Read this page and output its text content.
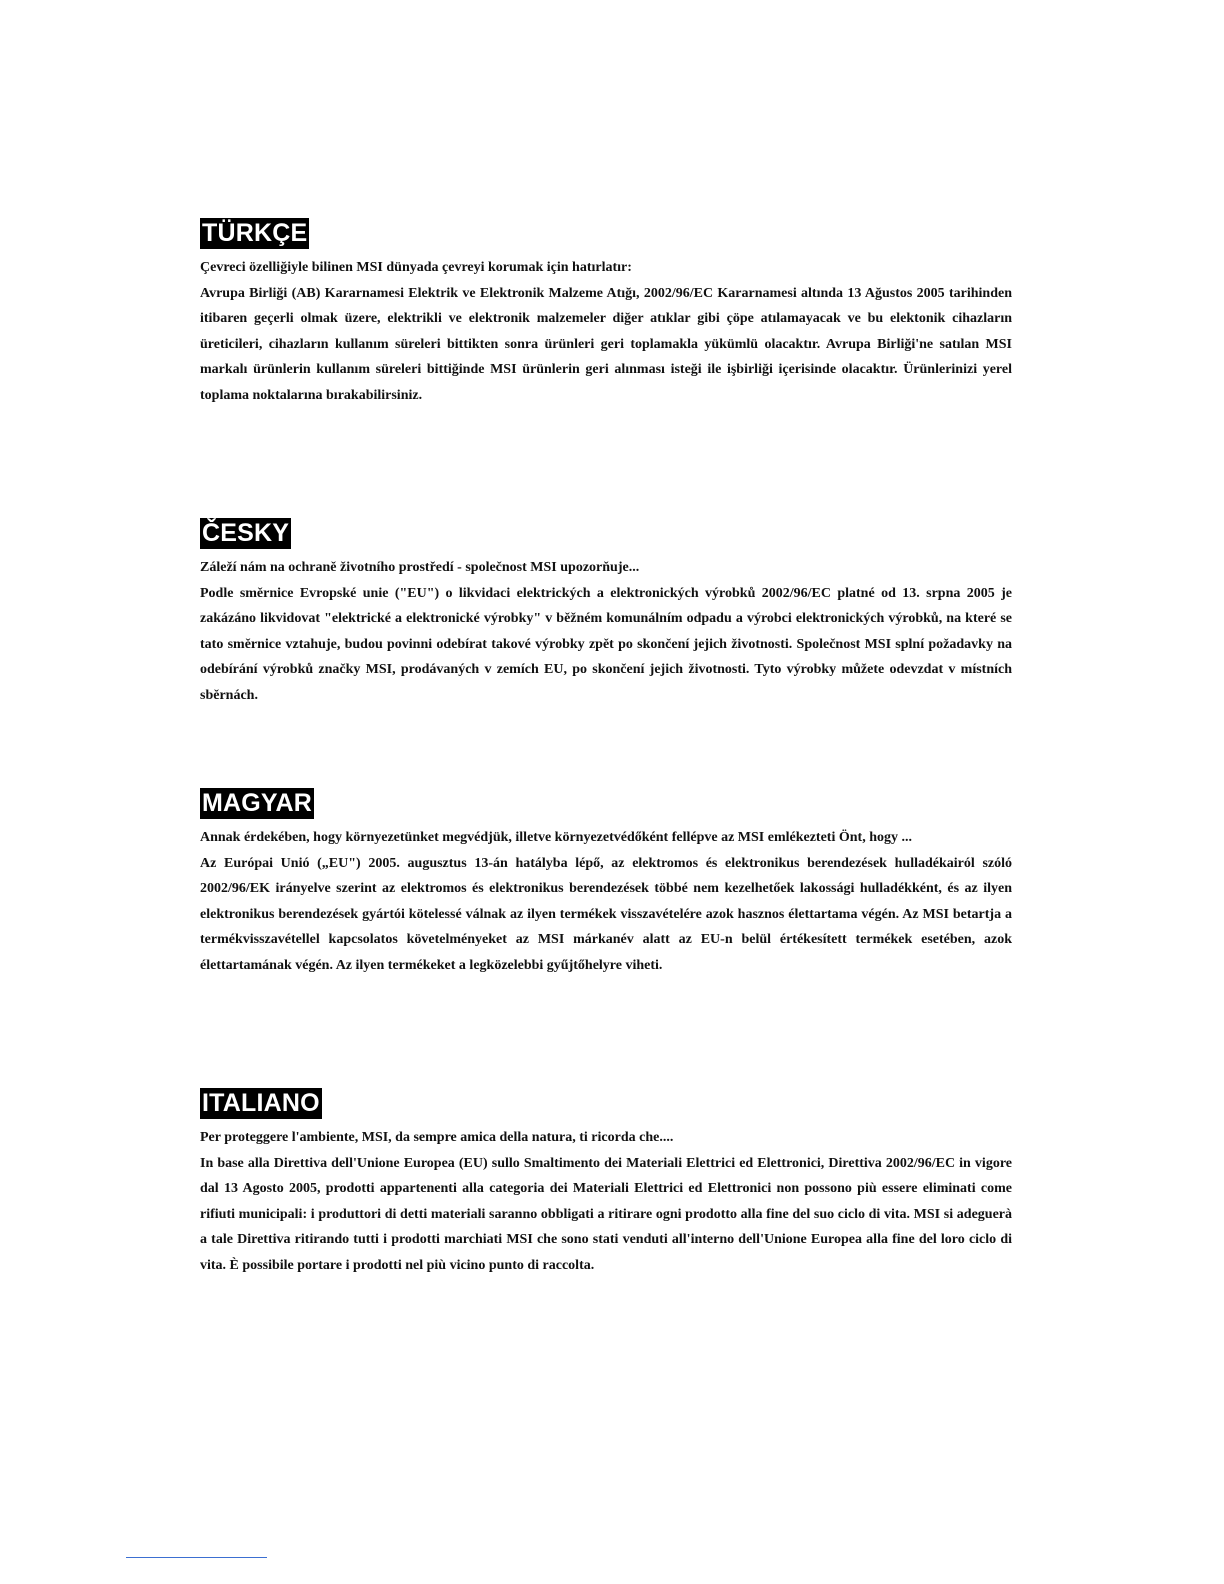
TÜRKÇE

Çevreci özelliğiyle bilinen MSI dünyada çevreyi korumak için hatırlatır:

Avrupa Birliği (AB) Kararnamesi Elektrik ve Elektronik Malzeme Atığı, 2002/96/EC Kararnamesi altında 13 Ağustos 2005 tarihinden itibaren geçerli olmak üzere, elektrikli ve elektronik malzemeler diğer atıklar gibi çöpe atılamayacak ve bu elektonik cihazların üreticileri, cihazların kullanım süreleri bittikten sonra ürünleri geri toplamakla yükümlü olacaktır. Avrupa Birliği'ne satılan MSI markalı ürünlerin kullanım süreleri bittiğinde MSI ürünlerin geri alınması isteği ile işbirliği içerisinde olacaktır. Ürünlerinizi yerel toplama noktalarına bırakabilirsiniz.

ČESKY

Záleží nám na ochraně životního prostředí - společnost MSI upozorňuje...

Podle směrnice Evropské unie ("EU") o likvidaci elektrických a elektronických výrobků 2002/96/EC platné od 13. srpna 2005 je zakázáno likvidovat "elektrické a elektronické výrobky" v běžném komunálním odpadu a výrobci elektronických výrobků, na které se tato směrnice vztahuje, budou povinni odebírat takové výrobky zpět po skončení jejich životnosti. Společnost MSI splní požadavky na odebírání výrobků značky MSI, prodávaných v zemích EU, po skončení jejich životnosti. Tyto výrobky můžete odevzdat v místních sběrnách.

MAGYAR

Annak érdekében, hogy környezetünket megvédjük, illetve környezetvédőként fellépve az MSI emlékezteti Önt, hogy ...

Az Európai Unió („EU") 2005. augusztus 13-án hatályba lépő, az elektromos és elektronikus berendezések hulladékairól szóló 2002/96/EK irányelve szerint az elektromos és elektronikus berendezések többé nem kezelhetőek lakossági hulladékként, és az ilyen elektronikus berendezések gyártói kötelessé válnak az ilyen termékek visszavételére azok hasznos élettartama végén. Az MSI betartja a termékvisszavétellel kapcsolatos követelményeket az MSI márkanév alatt az EU-n belül értékesített termékek esetében, azok élettartamának végén. Az ilyen termékeket a legközelebbi gyűjtőhelyre viheti.

ITALIANO

Per proteggere l'ambiente, MSI, da sempre amica della natura, ti ricorda che....

In base alla Direttiva dell'Unione Europea (EU) sullo Smaltimento dei Materiali Elettrici ed Elettronici, Direttiva 2002/96/EC in vigore dal 13 Agosto 2005, prodotti appartenenti alla categoria dei Materiali Elettrici ed Elettronici non possono più essere eliminati come rifiuti municipali: i produttori di detti materiali saranno obbligati a ritirare ogni prodotto alla fine del suo ciclo di vita. MSI si adeguerà a tale Direttiva ritirando tutti i prodotti marchiati MSI che sono stati venduti all'interno dell'Unione Europea alla fine del loro ciclo di vita. È possibile portare i prodotti nel più vicino punto di raccolta.
